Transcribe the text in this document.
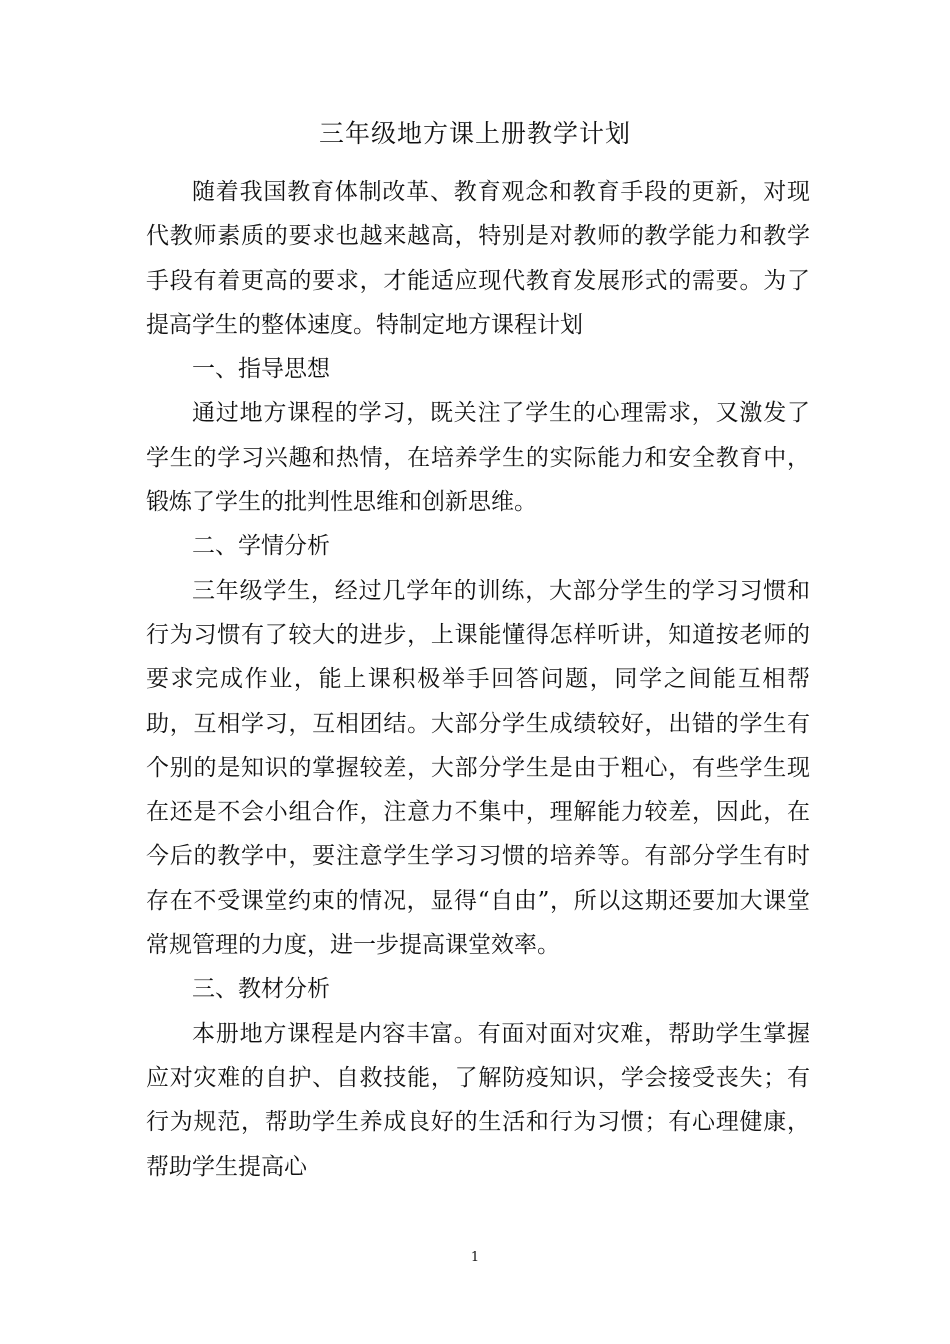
三年级地方课上册教学计划

随着我国教育体制改革、教育观念和教育手段的更新，对现代教师素质的要求也越来越高，特别是对教师的教学能力和教学手段有着更高的要求，才能适应现代教育发展形式的需要。为了提高学生的整体速度。特制定地方课程计划

一、指导思想

通过地方课程的学习，既关注了学生的心理需求，又激发了学生的学习兴趣和热情，在培养学生的实际能力和安全教育中，锻炼了学生的批判性思维和创新思维。

二、学情分析

三年级学生，经过几学年的训练，大部分学生的学习习惯和行为习惯有了较大的进步，上课能懂得怎样听讲，知道按老师的要求完成作业，能上课积极举手回答问题，同学之间能互相帮助，互相学习，互相团结。大部分学生成绩较好，出错的学生有个别的是知识的掌握较差，大部分学生是由于粗心，有些学生现在还是不会小组合作，注意力不集中，理解能力较差，因此，在今后的教学中，要注意学生学习习惯的培养等。有部分学生有时存在不受课堂约束的情况，显得“自由”，所以这期还要加大课堂常规管理的力度，进一步提高课堂效率。

三、教材分析

本册地方课程是内容丰富。有面对面对灾难，帮助学生掌握应对灾难的自护、自救技能，了解防疫知识，学会接受丧失；有行为规范，帮助学生养成良好的生活和行为习惯；有心理健康，帮助学生提高心

1
